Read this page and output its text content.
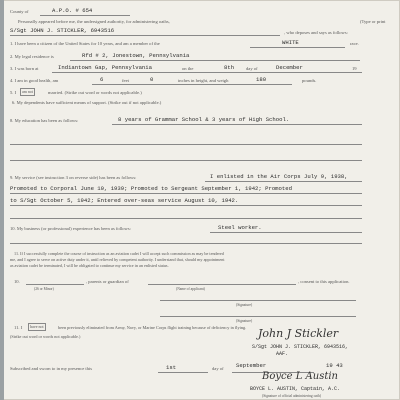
County of	A.P.O. # 654
Personally appeared before me, the undersigned authority, for administering oaths,	(Type or print
S/Sgt JOHN J. STICKLER, 6943516	, who deposes and says as follows:
1. I have been a citizen of the United States for 10 years, and am a member of the	WHITE	race.
2. My legal residence is	Rfd # 2, Jonestown, Pennsylvania
3. I was born at	Indiantown Gap, Pennsylvania	on the	8th	day of	December	19
4. I am in good health, am	6	feet	0	inches in height, and weigh	180	pounds.
5. I	am not	married. (Strike out word or words not applicable.)
6. My dependents have sufficient means of support. (Strike out if not applicable.)
8. My education has been as follows:	8 years of Grammar School & 3 years of High School.
9. My service (see instruction 3 on reverse side) has been as follows:	I enlisted in the Air Corps July 9, 1938,
Promoted to Corporal June 10, 1939; Promoted to Sergeant September 1, 1942; Promoted
to S/Sgt October 5, 1942; Entered over-seas service August 10, 1942.
10. My business (or professional) experience has been as follows:	Steel worker.
11. If I successfully complete the course of instruction as an aviation cadet I will accept such commission as may be tendered
me, and I agree to serve on active duty under it, until relieved by competent authority. I understand that, should my appointment
as aviation cadet be terminated, I will be obligated to continue my service in an enlisted status.
10.	, parents or guardian of	, consent to this application.
(26 or Minor)	(Name of applicant)
(Signature)
(Signature)
11. I	have not	been previously eliminated from Army, Navy, or Marine Corps flight training because of deficiency in flying.
(Strike out word or words not applicable.)	John J Stickler
S/Sgt JOHN J. STICKLER, 6943516,
AAF.
Subscribed and sworn to in my presence this	1st	day of September	19 43
Boyce L Austin
BOYCE L. AUSTIN, Captain, A.C.
(Signature of official administering oath)
